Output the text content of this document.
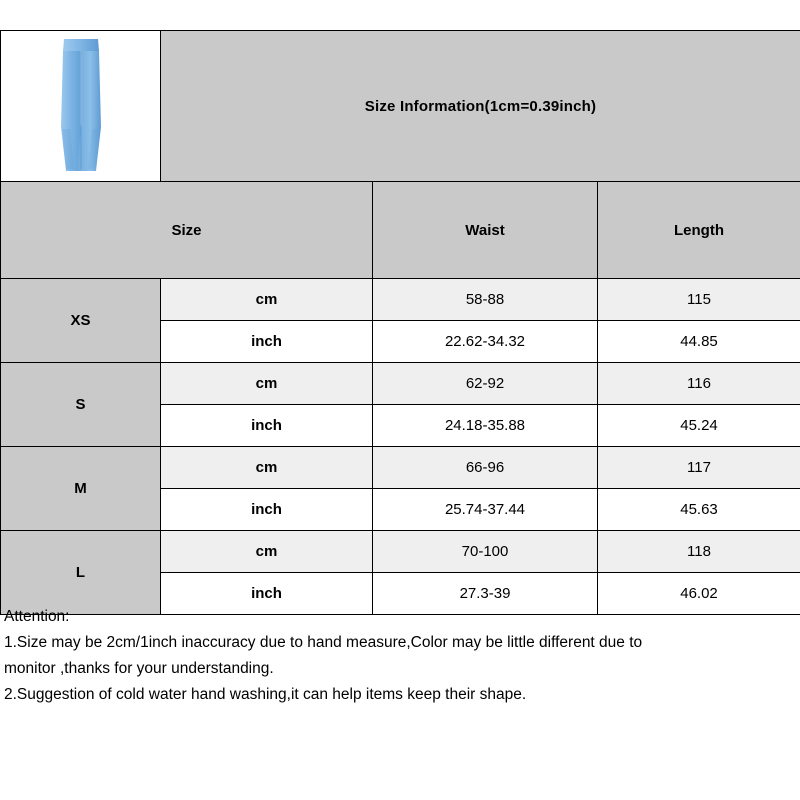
	Size Information(1cm=0.39inch)		
Size		Waist	Length
XS	cm	58-88	115
	inch	22.62-34.32	44.85
S	cm	62-92	116
	inch	24.18-35.88	45.24
M	cm	66-96	117
	inch	25.74-37.44	45.63
L	cm	70-100	118
	inch	27.3-39	46.02
Attention:
1.Size may be 2cm/1inch inaccuracy due to hand measure,Color may be little different due to
monitor ,thanks for your understanding.
2.Suggestion of cold water hand washing,it can help items keep their shape.
